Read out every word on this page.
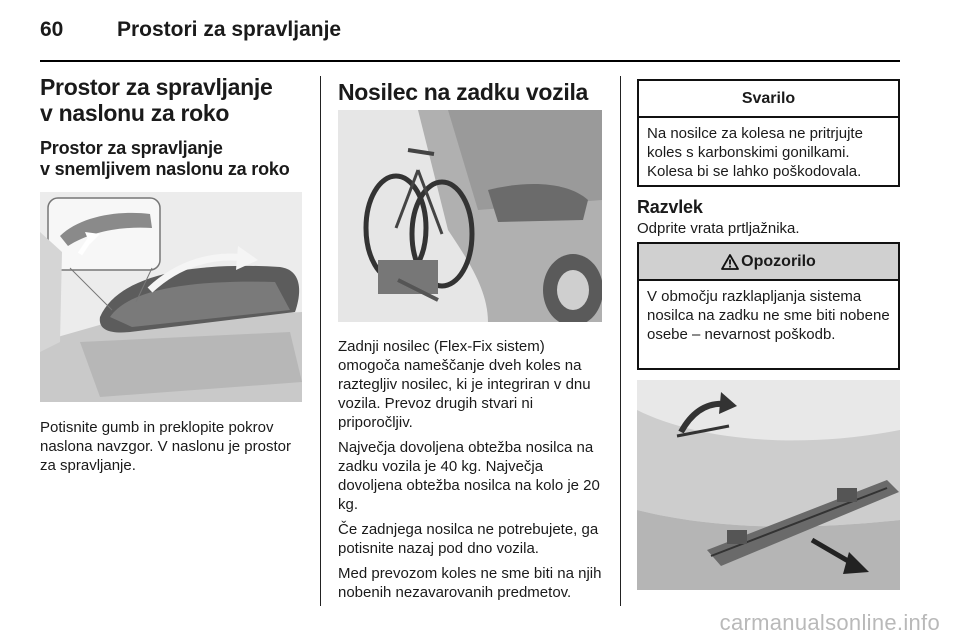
60	Prostori za spravljanje
Prostor za spravljanje
v naslonu za roko
Prostor za spravljanje
v snemljivem naslonu za roko

Potisnite gumb in preklopite pokrov naslona navzgor. V naslonu je prostor za spravljanje.

Nosilec na zadku vozila

Zadnji nosilec (Flex-Fix sistem) omogoča nameščanje dveh koles na raztegljiv nosilec, ki je integriran v dnu vozila. Prevoz drugih stvari ni priporočljiv.

Največja dovoljena obtežba nosilca na zadku vozila je 40 kg. Največja dovoljena obtežba nosilca na kolo je 20 kg.

Če zadnjega nosilca ne potrebujete, ga potisnite nazaj pod dno vozila.

Med prevozom koles ne sme biti na njih nobenih nezavarovanih predmetov.

Svarilo
Na nosilce za kolesa ne pritrjujte koles s karbonskimi gonilkami. Kolesa bi se lahko poškodovala.
Razvlek
Odprite vrata prtljažnika.
Opozorilo
V območju razklapljanja sistema nosilca na zadku ne sme biti nobene osebe – nevarnost poškodb.
carmanualsonline.info
